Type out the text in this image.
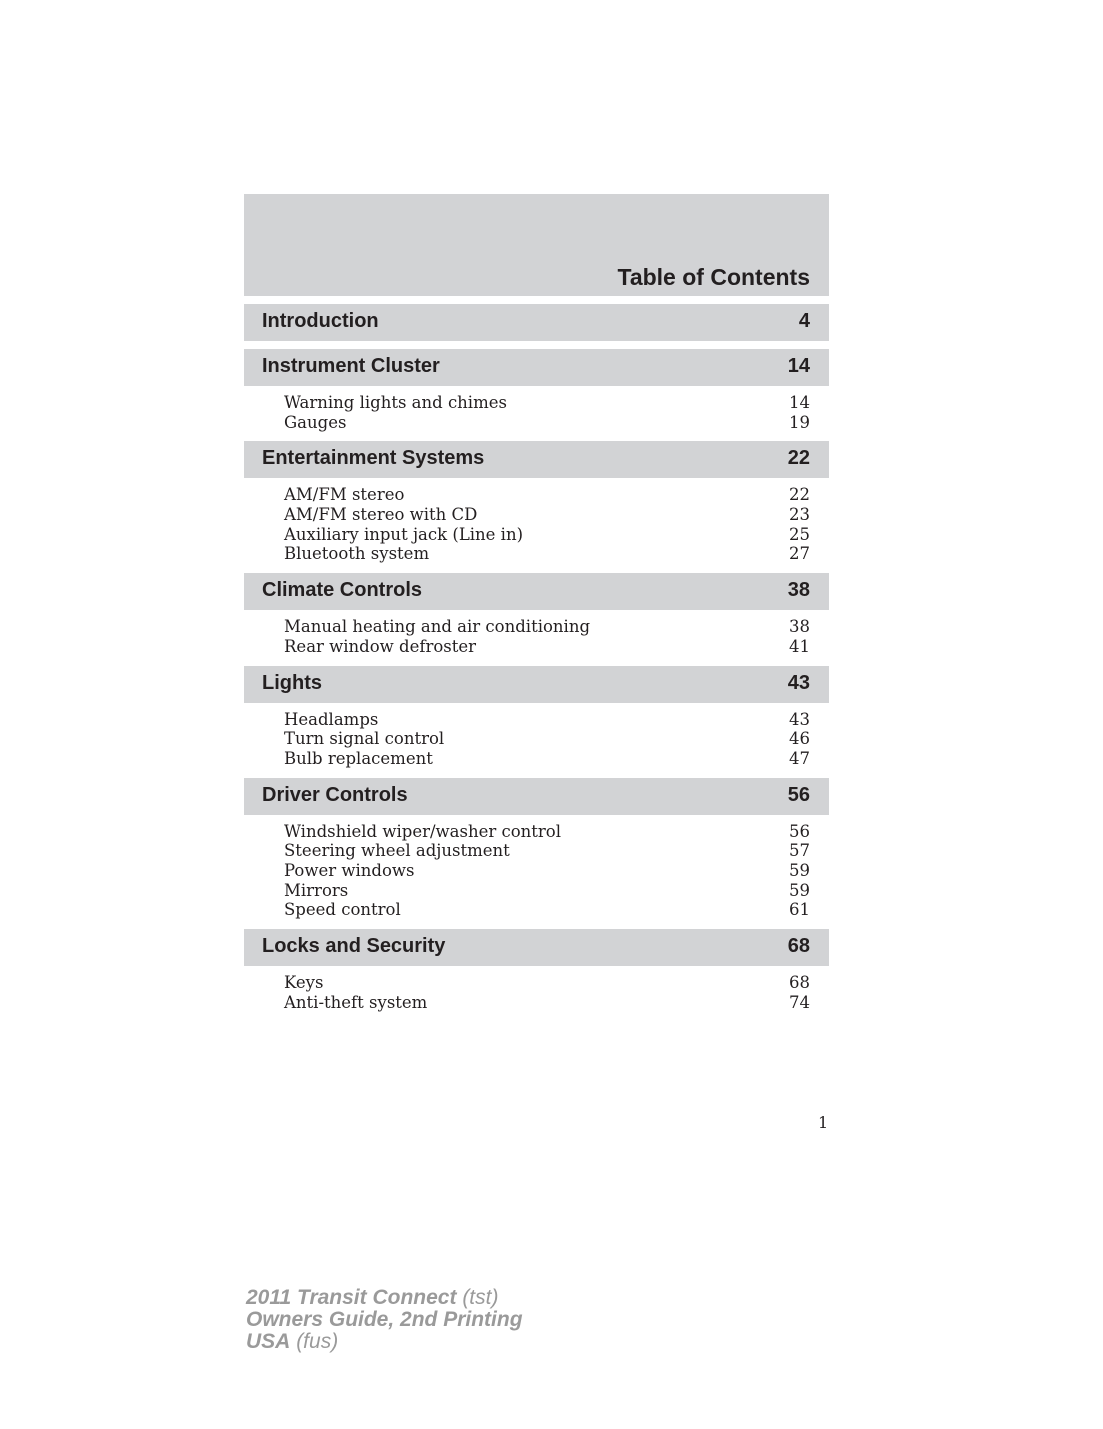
Table of Contents
Introduction	4
Instrument Cluster	14
Warning lights and chimes	14
Gauges	19
Entertainment Systems	22
AM/FM stereo	22
AM/FM stereo with CD	23
Auxiliary input jack (Line in)	25
Bluetooth system	27
Climate Controls	38
Manual heating and air conditioning	38
Rear window defroster	41
Lights	43
Headlamps	43
Turn signal control	46
Bulb replacement	47
Driver Controls	56
Windshield wiper/washer control	56
Steering wheel adjustment	57
Power windows	59
Mirrors	59
Speed control	61
Locks and Security	68
Keys	68
Anti-theft system	74
1
2011 Transit Connect (tst)
Owners Guide, 2nd Printing
USA (fus)
